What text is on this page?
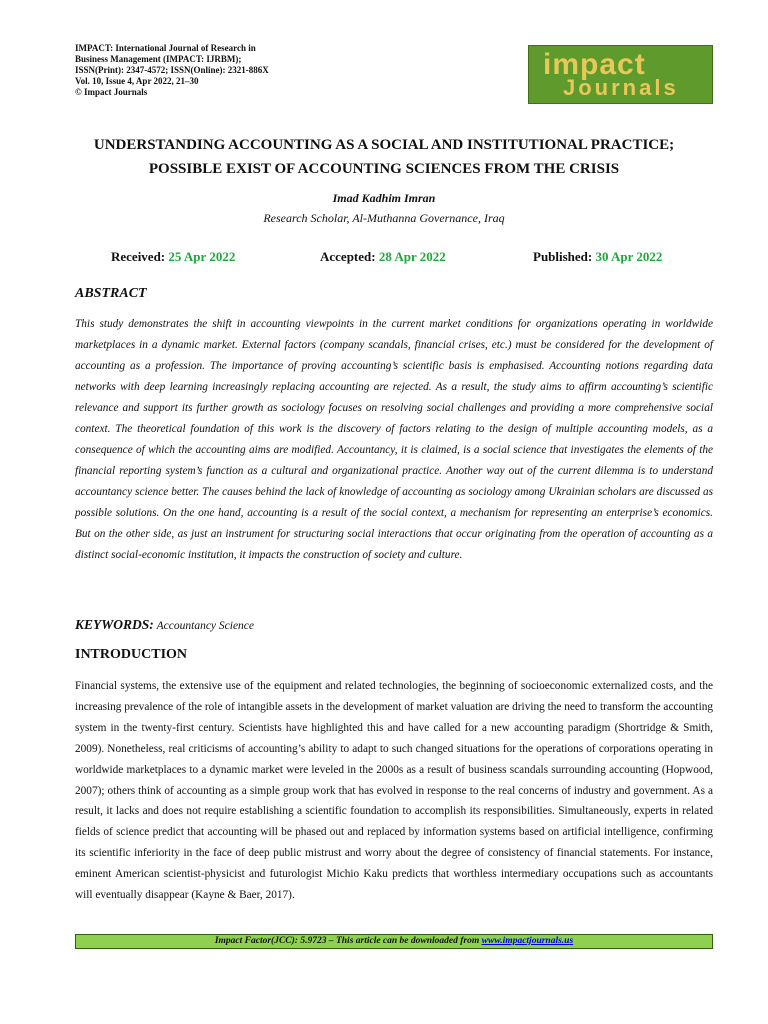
IMPACT: International Journal of Research in
Business Management (IMPACT: IJRBM);
ISSN(Print): 2347-4572; ISSN(Online): 2321-886X
Vol. 10, Issue 4, Apr 2022, 21–30
© Impact Journals
impact
Journals
UNDERSTANDING ACCOUNTING AS A SOCIAL AND INSTITUTIONAL PRACTICE;
POSSIBLE EXIST OF ACCOUNTING SCIENCES FROM THE CRISIS
Imad Kadhim Imran
Research Scholar, Al-Muthanna Governance, Iraq
Received: 25 Apr 2022	Accepted: 28 Apr 2022	Published: 30 Apr 2022
ABSTRACT
This study demonstrates the shift in accounting viewpoints in the current market conditions for organizations operating in worldwide marketplaces in a dynamic market. External factors (company scandals, financial crises, etc.) must be considered for the development of accounting as a profession. The importance of proving accounting’s scientific basis is emphasised. Accounting notions regarding data networks with deep learning increasingly replacing accounting are rejected. As a result, the study aims to affirm accounting’s scientific relevance and support its further growth as sociology focuses on resolving social challenges and providing a more comprehensive social context. The theoretical foundation of this work is the discovery of factors relating to the design of multiple accounting models, as a consequence of which the accounting aims are modified. Accountancy, it is claimed, is a social science that investigates the elements of the financial reporting system’s function as a cultural and organizational practice. Another way out of the current dilemma is to understand accountancy science better. The causes behind the lack of knowledge of accounting as sociology among Ukrainian scholars are discussed as possible solutions. On the one hand, accounting is a result of the social context, a mechanism for representing an enterprise’s economics. But on the other side, as just an instrument for structuring social interactions that occur originating from the operation of accounting as a distinct social-economic institution, it impacts the construction of society and culture.
KEYWORDS: Accountancy Science
INTRODUCTION
Financial systems, the extensive use of the equipment and related technologies, the beginning of socioeconomic externalized costs, and the increasing prevalence of the role of intangible assets in the development of market valuation are driving the need to transform the accounting system in the twenty-first century. Scientists have highlighted this and have called for a new accounting paradigm (Shortridge & Smith, 2009). Nonetheless, real criticisms of accounting’s ability to adapt to such changed situations for the operations of corporations operating in worldwide marketplaces to a dynamic market were leveled in the 2000s as a result of business scandals surrounding accounting (Hopwood, 2007); others think of accounting as a simple group work that has evolved in response to the real concerns of industry and government. As a result, it lacks and does not require establishing a scientific foundation to accomplish its responsibilities. Simultaneously, experts in related fields of science predict that accounting will be phased out and replaced by information systems based on artificial intelligence, confirming its scientific inferiority in the face of deep public mistrust and worry about the degree of consistency of financial statements. For instance, eminent American scientist-physicist and futurologist Michio Kaku predicts that worthless intermediary occupations such as accountants will eventually disappear (Kayne & Baer, 2017).
Impact Factor(JCC): 5.9723 – This article can be downloaded from www.impactjournals.us
